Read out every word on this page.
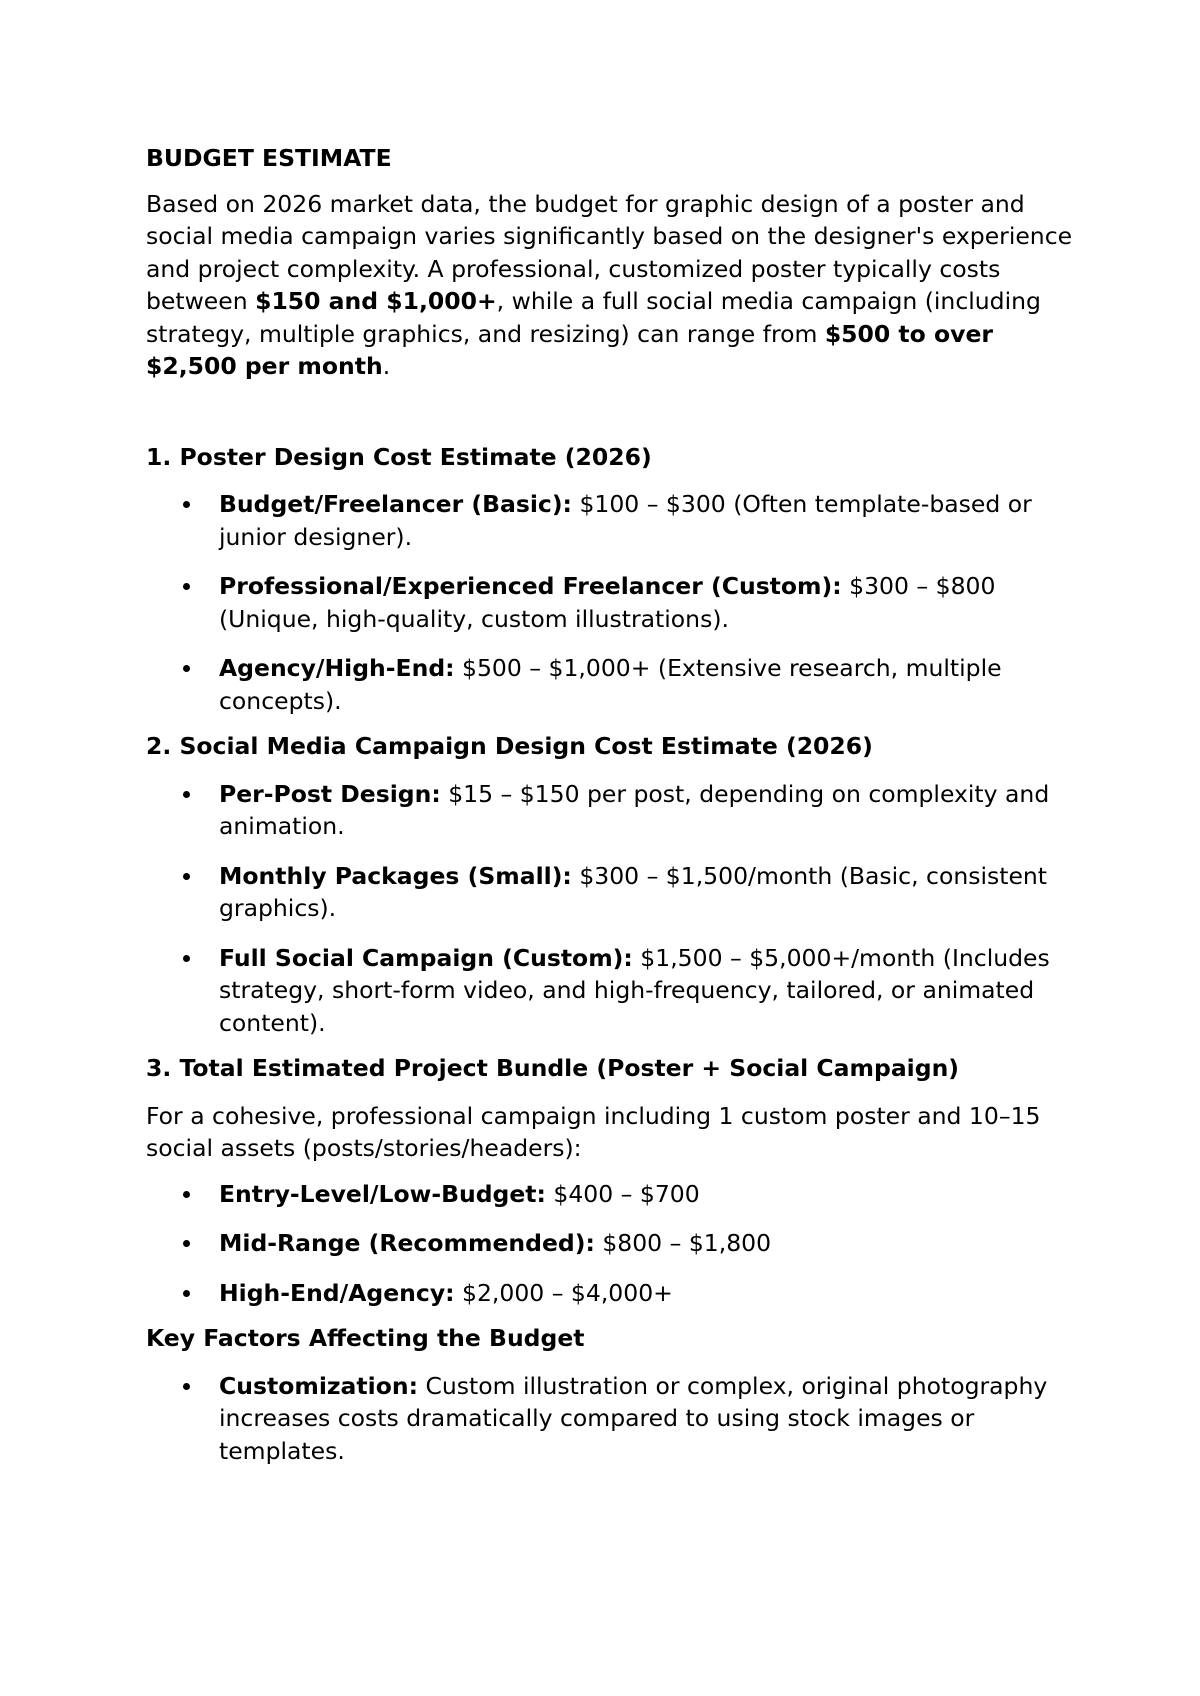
BUDGET ESTIMATE
Based on 2026 market data, the budget for graphic design of a poster and social media campaign varies significantly based on the designer's experience and project complexity. A professional, customized poster typically costs between $150 and $1,000+, while a full social media campaign (including strategy, multiple graphics, and resizing) can range from $500 to over $2,500 per month.
1. Poster Design Cost Estimate (2026)
Budget/Freelancer (Basic): $100 – $300 (Often template-based or junior designer).
Professional/Experienced Freelancer (Custom): $300 – $800 (Unique, high-quality, custom illustrations).
Agency/High-End: $500 – $1,000+ (Extensive research, multiple concepts).
2. Social Media Campaign Design Cost Estimate (2026)
Per-Post Design: $15 – $150 per post, depending on complexity and animation.
Monthly Packages (Small): $300 – $1,500/month (Basic, consistent graphics).
Full Social Campaign (Custom): $1,500 – $5,000+/month (Includes strategy, short-form video, and high-frequency, tailored, or animated content).
3. Total Estimated Project Bundle (Poster + Social Campaign)
For a cohesive, professional campaign including 1 custom poster and 10–15 social assets (posts/stories/headers):
Entry-Level/Low-Budget: $400 – $700
Mid-Range (Recommended): $800 – $1,800
High-End/Agency: $2,000 – $4,000+
Key Factors Affecting the Budget
Customization: Custom illustration or complex, original photography increases costs dramatically compared to using stock images or templates.
